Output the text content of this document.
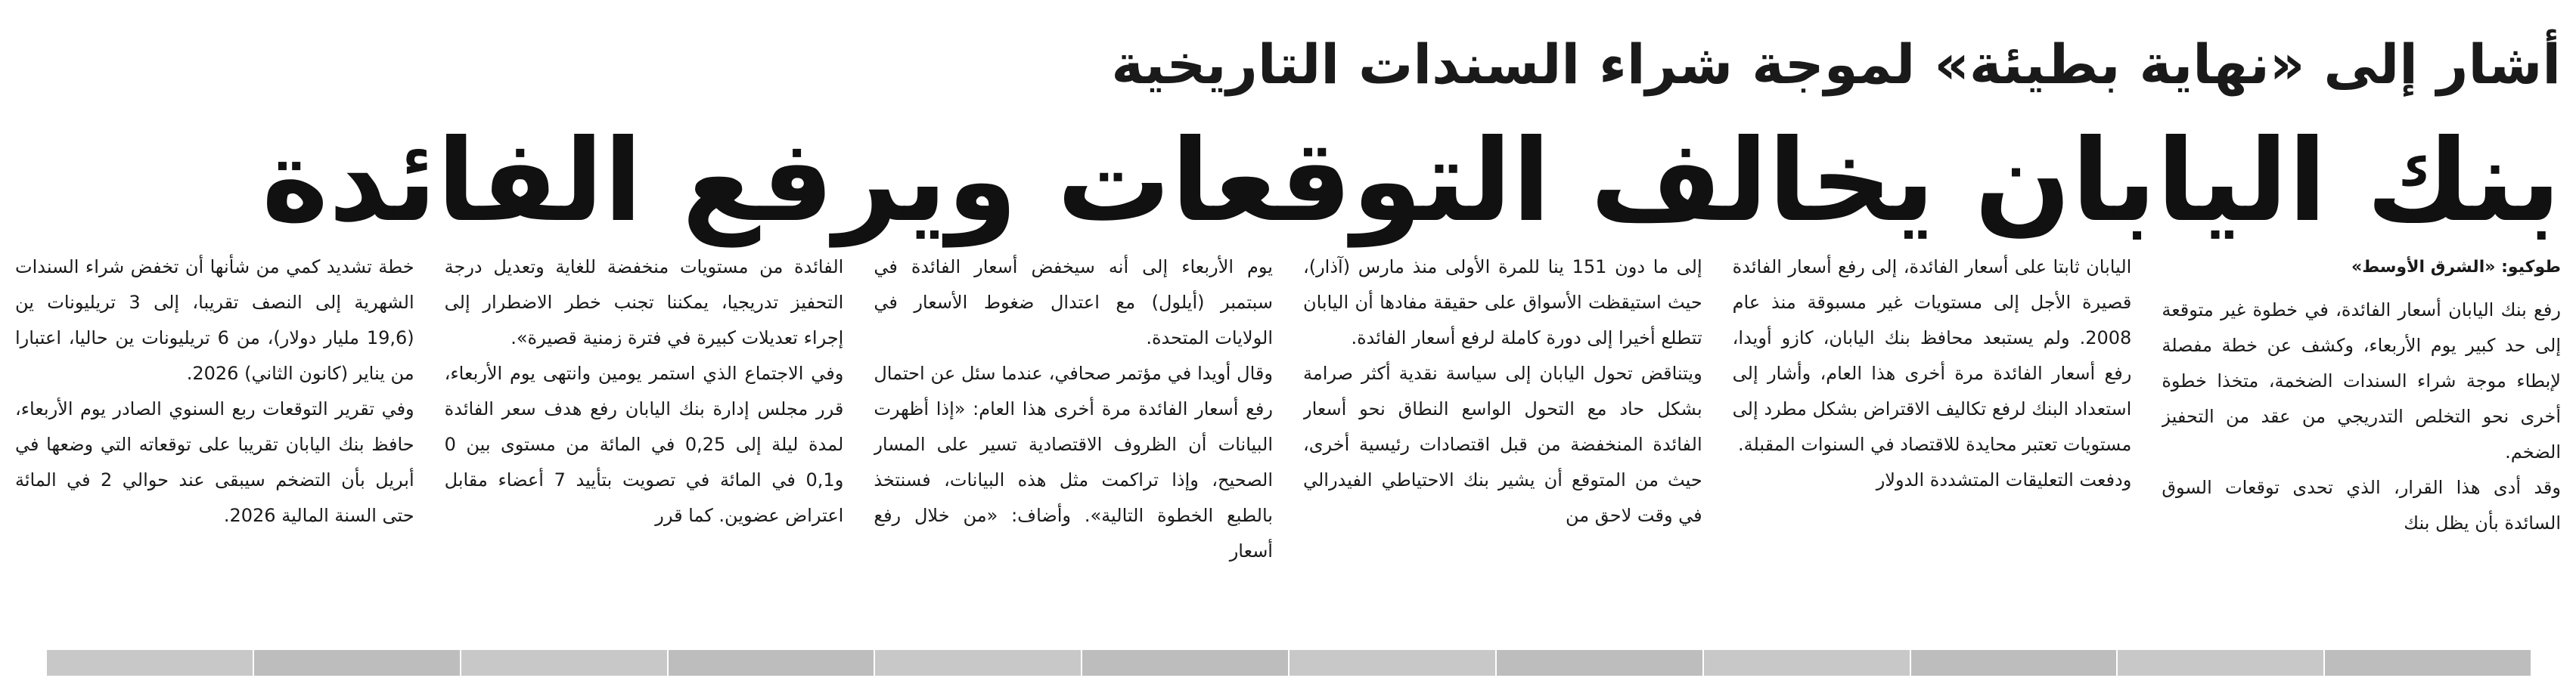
أشار إلى «نهاية بطيئة» لموجة شراء السندات التاريخية
بنك اليابان يخالف التوقعات ويرفع الفائدة

طوكيو: «الشرق الأوسط»

رفع بنك اليابان أسعار الفائدة، في خطوة غير متوقعة إلى حد كبير يوم الأربعاء، وكشف عن خطة مفصلة لإبطاء موجة شراء السندات الضخمة، متخذا خطوة أخرى نحو التخلص التدريجي من عقد من التحفيز الضخم.

وقد أدى هذا القرار، الذي تحدى توقعات السوق السائدة بأن يظل بنك

اليابان ثابتا على أسعار الفائدة، إلى رفع أسعار الفائدة قصيرة الأجل إلى مستويات غير مسبوقة منذ عام 2008. ولم يستبعد محافظ بنك اليابان، كازو أويدا، رفع أسعار الفائدة مرة أخرى هذا العام، وأشار إلى استعداد البنك لرفع تكاليف الاقتراض بشكل مطرد إلى مستويات تعتبر محايدة للاقتصاد في السنوات المقبلة.

ودفعت التعليقات المتشددة الدولار

إلى ما دون 151 ينا للمرة الأولى منذ مارس (آذار)، حيث استيقظت الأسواق على حقيقة مفادها أن اليابان تتطلع أخيرا إلى دورة كاملة لرفع أسعار الفائدة.

ويتناقض تحول اليابان إلى سياسة نقدية أكثر صرامة بشكل حاد مع التحول الواسع النطاق نحو أسعار الفائدة المنخفضة من قبل اقتصادات رئيسية أخرى، حيث من المتوقع أن يشير بنك الاحتياطي الفيدرالي في وقت لاحق من

يوم الأربعاء إلى أنه سيخفض أسعار الفائدة في سبتمبر (أيلول) مع اعتدال ضغوط الأسعار في الولايات المتحدة.

وقال أويدا في مؤتمر صحافي، عندما سئل عن احتمال رفع أسعار الفائدة مرة أخرى هذا العام: «إذا أظهرت البيانات أن الظروف الاقتصادية تسير على المسار الصحيح، وإذا تراكمت مثل هذه البيانات، فسنتخذ بالطبع الخطوة التالية». وأضاف: «من خلال رفع أسعار

الفائدة من مستويات منخفضة للغاية وتعديل درجة التحفيز تدريجيا، يمكننا تجنب خطر الاضطرار إلى إجراء تعديلات كبيرة في فترة زمنية قصيرة».

وفي الاجتماع الذي استمر يومين وانتهى يوم الأربعاء، قرر مجلس إدارة بنك اليابان رفع هدف سعر الفائدة لمدة ليلة إلى 0,25 في المائة من مستوى بين 0 و0,1 في المائة في تصويت بتأييد 7 أعضاء مقابل اعتراض عضوين. كما قرر

خطة تشديد كمي من شأنها أن تخفض شراء السندات الشهرية إلى النصف تقريبا، إلى 3 تريليونات ين (19,6 مليار دولار)، من 6 تريليونات ين حاليا، اعتبارا من يناير (كانون الثاني) 2026.

وفي تقرير التوقعات ربع السنوي الصادر يوم الأربعاء، حافظ بنك اليابان تقريبا على توقعاته التي وضعها في أبريل بأن التضخم سيبقى عند حوالي 2 في المائة حتى السنة المالية 2026.
